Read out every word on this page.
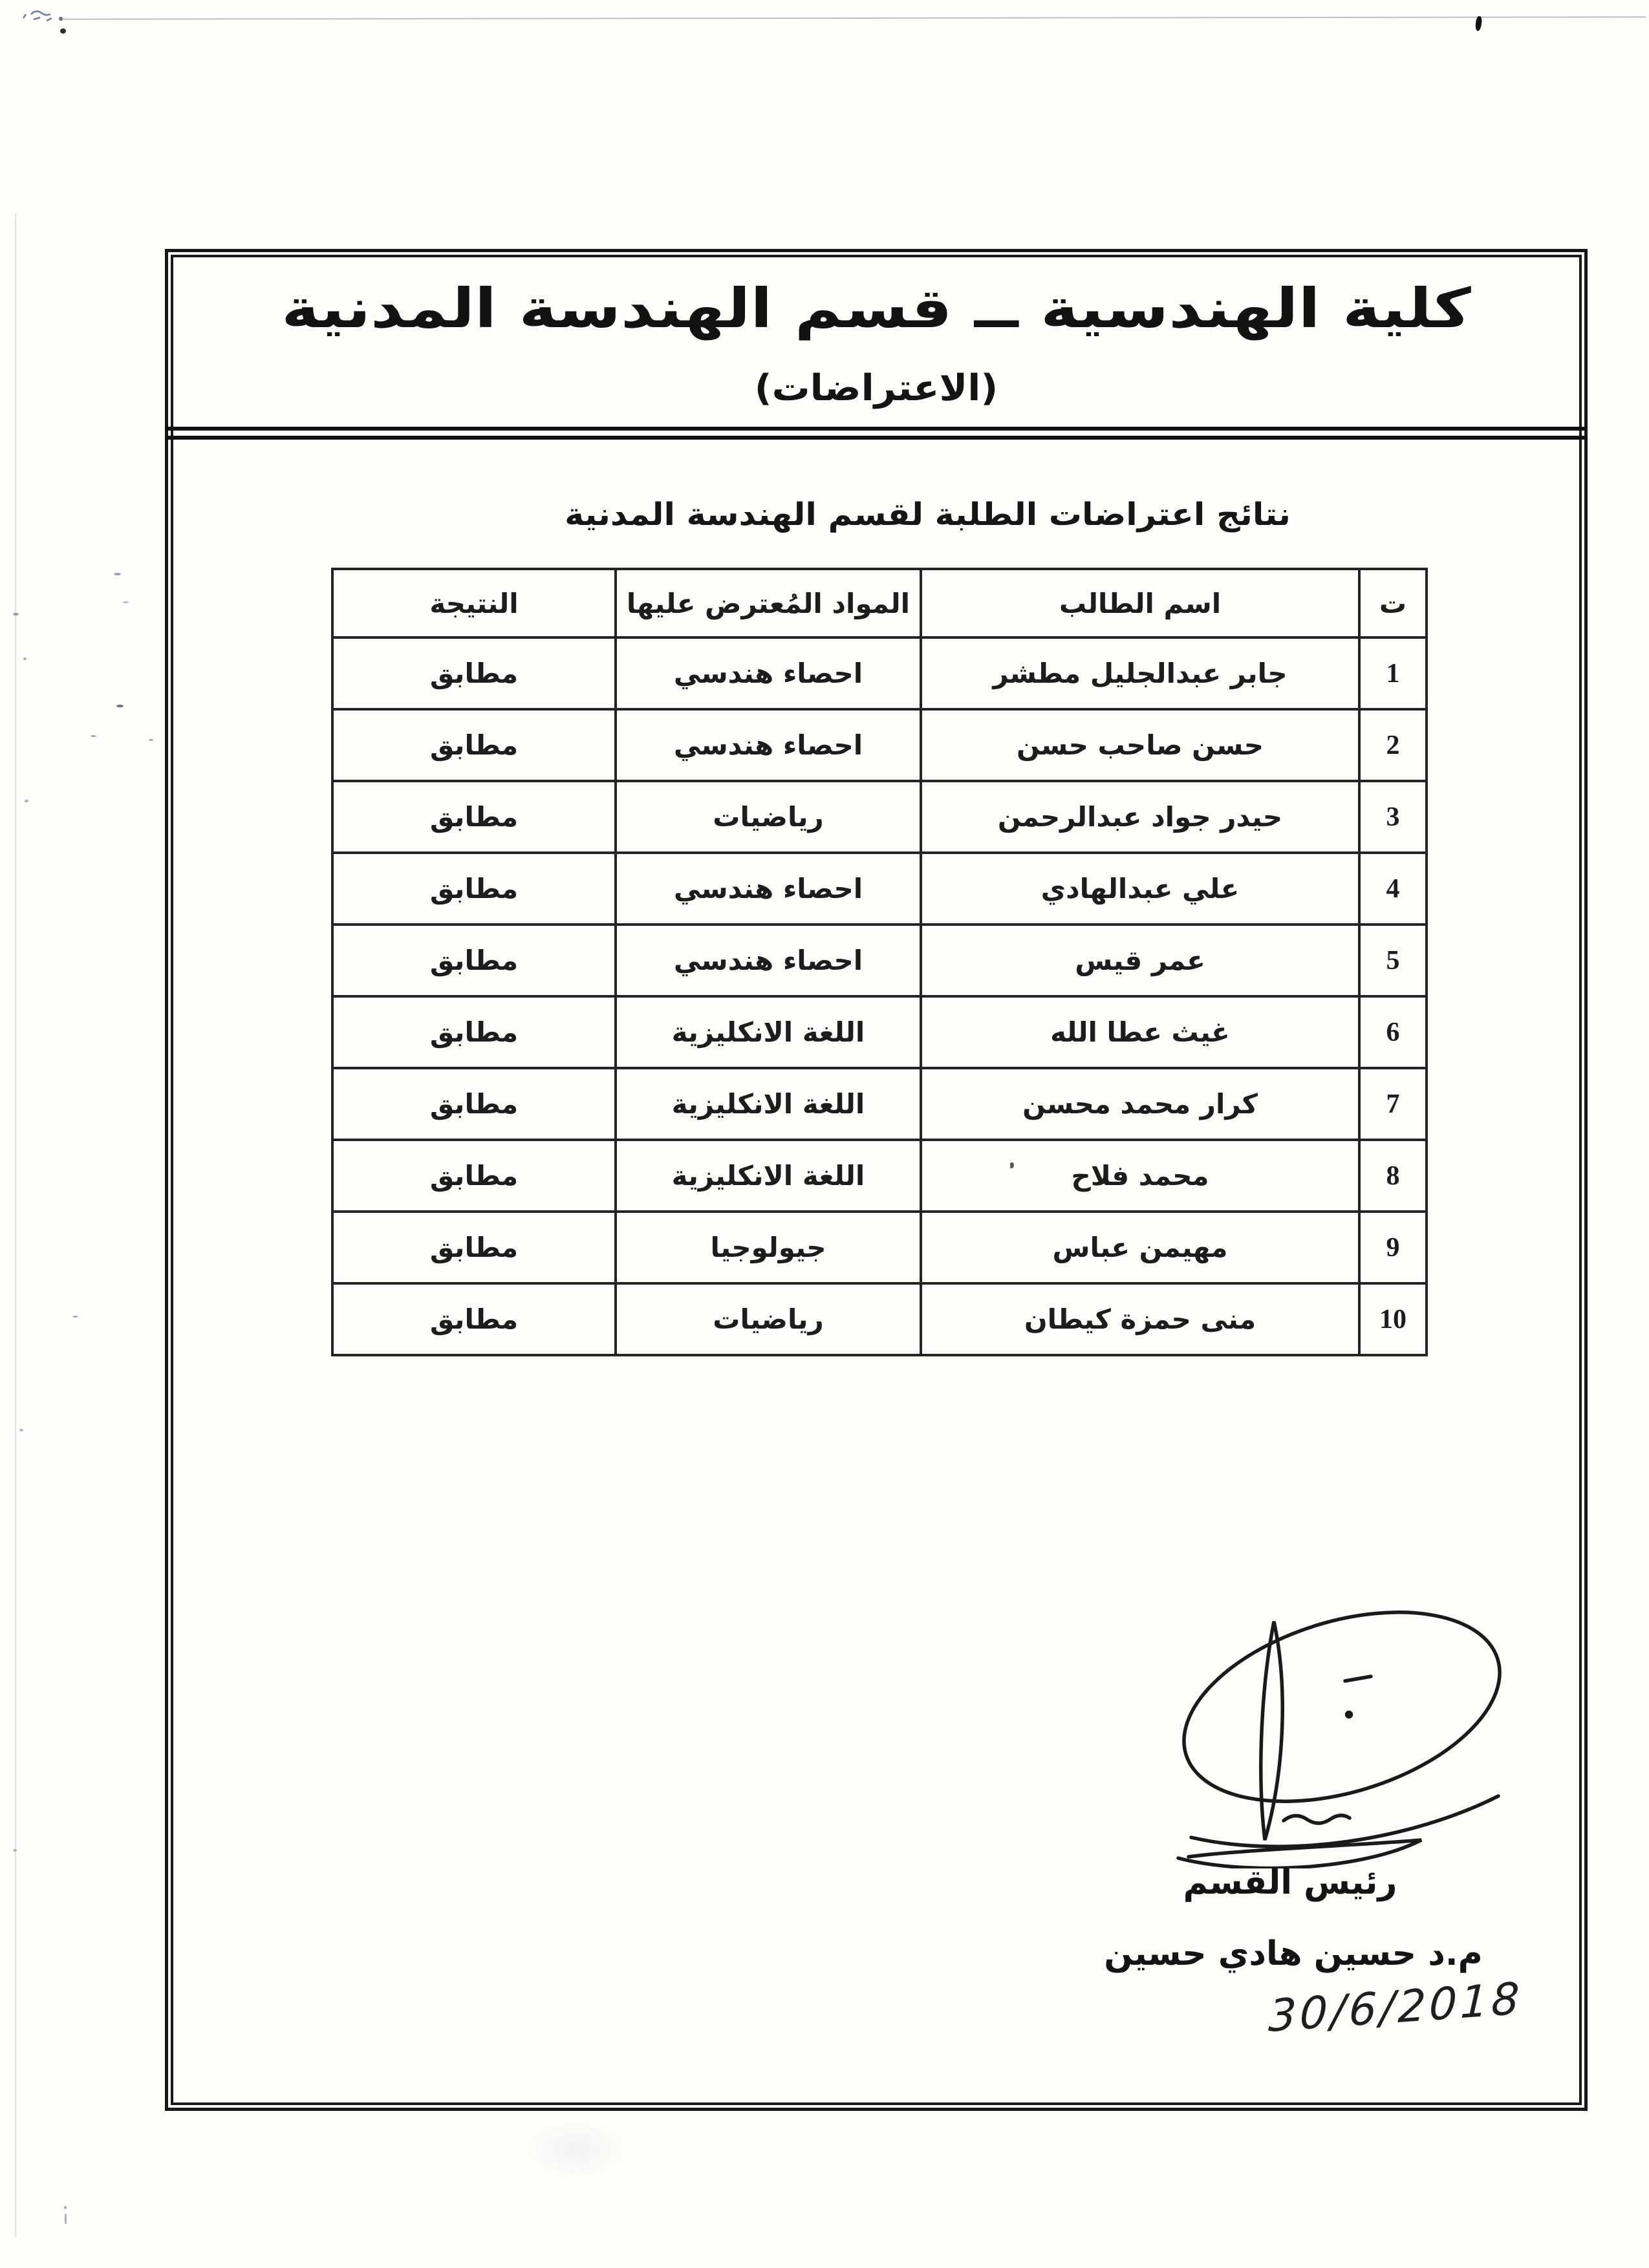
كلية الهندسية ــ قسم الهندسة المدنية
(الاعتراضات)
نتائج اعتراضات الطلبة لقسم الهندسة المدنية
ت	اسم الطالب	المواد المُعترض عليها	النتيجة
1	جابر عبدالجليل مطشر	احصاء هندسي	مطابق
2	حسن صاحب حسن	احصاء هندسي	مطابق
3	حيدر جواد عبدالرحمن	رياضيات	مطابق
4	علي عبدالهادي	احصاء هندسي	مطابق
5	عمر قيس	احصاء هندسي	مطابق
6	غيث عطا الله	اللغة الانكليزية	مطابق
7	كرار محمد محسن	اللغة الانكليزية	مطابق
8	محمد فلاح	اللغة الانكليزية	مطابق
9	مهيمن عباس	جيولوجيا	مطابق
10	منى حمزة كيطان	رياضيات	مطابق
رئيس القسم
م.د حسين هادي حسين
30/6/2018
